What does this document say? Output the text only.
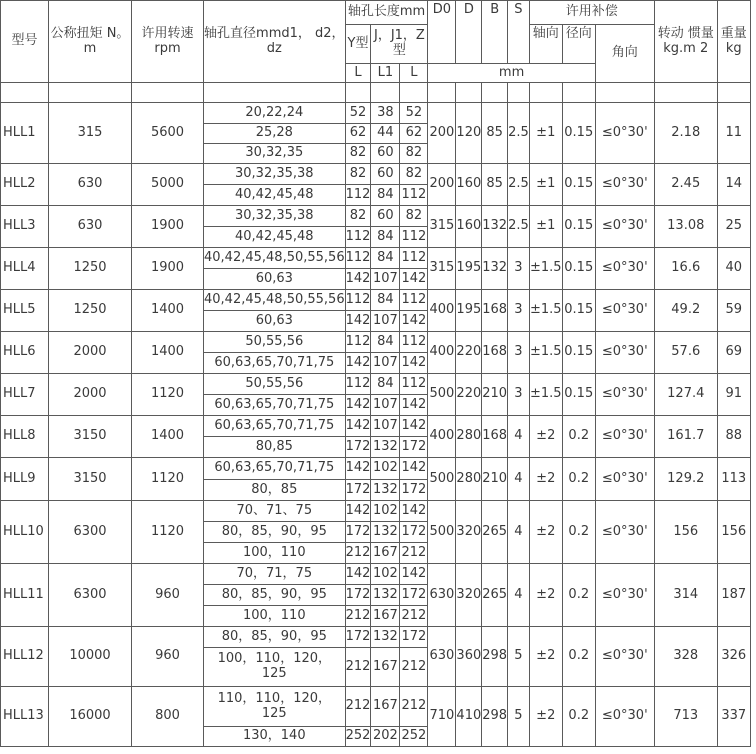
型号	公称扭矩 N。m	许用转速 rpm	轴孔直径mmd1， d2，dz	轴孔长度mm			D0	D	B	S	许用补偿			转动 惯量 kg.m 2	重量 kg
				Y型	J，J1，Z 型						轴向	径向	角向		
				L	L1	L	mm								

HLL1	315	5600	20,22,24	52	38	52	200	120	85	2.5	±1	0.15	≤0°30'	2.18	11
			25,28	62	44	62									
			30,32,35	82	60	82									
HLL2	630	5000	30,32,35,38	82	60	82	200	160	85	2.5	±1	0.15	≤0°30'	2.45	14
			40,42,45,48	112	84	112									
HLL3	630	1900	30,32,35,38	82	60	82	315	160	132	2.5	±1	0.15	≤0°30'	13.08	25
			40,42,45,48	112	84	112									
HLL4	1250	1900	40,42,45,48,50,55,56	112	84	112	315	195	132	3	±1.5	0.15	≤0°30'	16.6	40
			60,63	142	107	142									
HLL5	1250	1400	40,42,45,48,50,55,56	112	84	112	400	195	168	3	±1.5	0.15	≤0°30'	49.2	59
			60,63	142	107	142									
HLL6	2000	1400	50,55,56	112	84	112	400	220	168	3	±1.5	0.15	≤0°30'	57.6	69
			60,63,65,70,71,75	142	107	142									
HLL7	2000	1120	50,55,56	112	84	112	500	220	210	3	±1.5	0.15	≤0°30'	127.4	91
			60,63,65,70,71,75	142	107	142									
HLL8	3150	1400	60,63,65,70,71,75	142	107	142	400	280	168	4	±2	0.2	≤0°30'	161.7	88
			80,85	172	132	172									
HLL9	3150	1120	60,63,65,70,71,75	142	102	142	500	280	210	4	±2	0.2	≤0°30'	129.2	113
			80，85	172	132	172									
HLL10	6300	1120	70、71、75	142	102	142	500	320	265	4	±2	0.2	≤0°30'	156	156
			80，85，90，95	172	132	172									
			100，110	212	167	212									
HLL11	6300	960	70，71，75	142	102	142	630	320	265	4	±2	0.2	≤0°30'	314	187
			80，85，90，95	172	132	172									
			100，110	212	167	212									
HLL12	10000	960	80，85，90，95	172	132	172	630	360	298	5	±2	0.2	≤0°30'	328	326
			100，110，120， 125	212	167	212									
HLL13	16000	800	110，110，120， 125	212	167	212	710	410	298	5	±2	0.2	≤0°30'	713	337
			130，140	252	202	252									
